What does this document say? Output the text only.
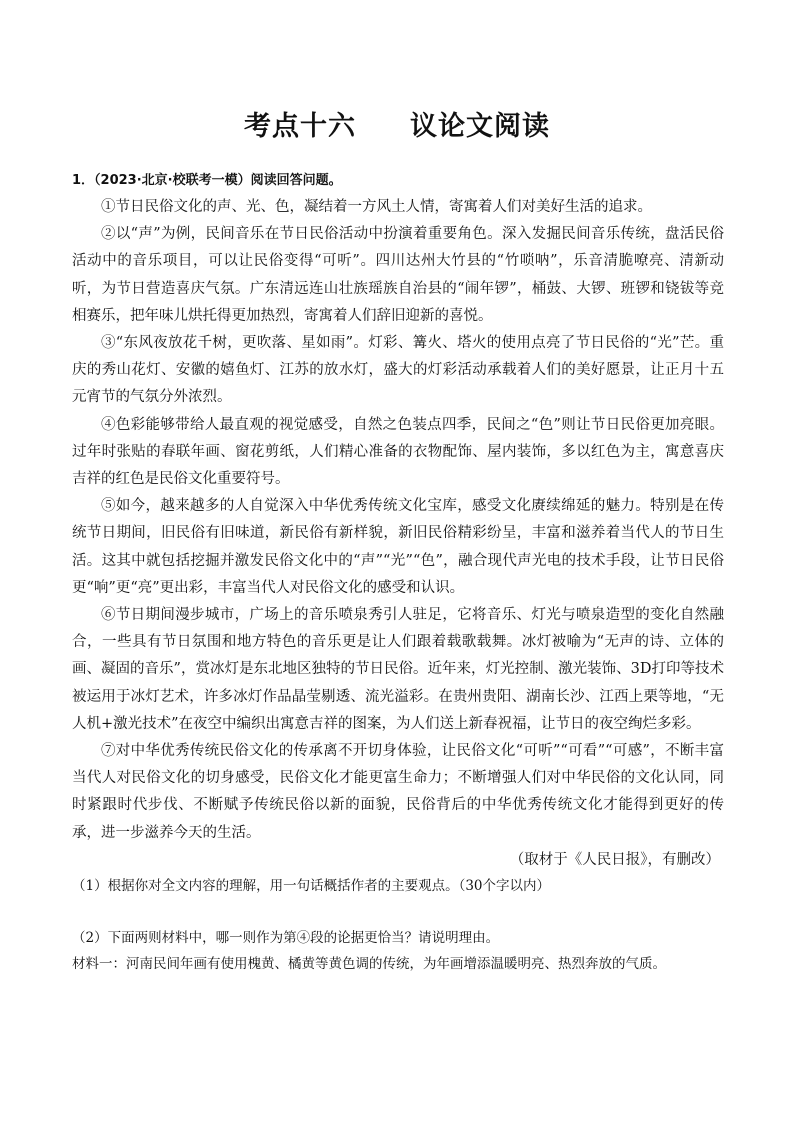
考点十六 议论文阅读

1．（2023·北京·校联考一模）阅读回答问题。

①节日民俗文化的声、光、色，凝结着一方风土人情，寄寓着人们对美好生活的追求。

②以“声”为例，民间音乐在节日民俗活动中扮演着重要角色。深入发掘民间音乐传统，盘活民俗活动中的音乐项目，可以让民俗变得“可听”。四川达州大竹县的“竹唢呐”，乐音清脆嘹亮、清新动听，为节日营造喜庆气氛。广东清远连山壮族瑶族自治县的“闹年锣”，桶鼓、大锣、班锣和铙钹等竞相赛乐，把年味儿烘托得更加热烈，寄寓着人们辞旧迎新的喜悦。

③“东风夜放花千树，更吹落、星如雨”。灯彩、篝火、塔火的使用点亮了节日民俗的“光”芒。重庆的秀山花灯、安徽的嬉鱼灯、江苏的放水灯，盛大的灯彩活动承载着人们的美好愿景，让正月十五元宵节的气氛分外浓烈。

④色彩能够带给人最直观的视觉感受，自然之色装点四季，民间之“色”则让节日民俗更加亮眼。过年时张贴的春联年画、窗花剪纸，人们精心准备的衣物配饰、屋内装饰，多以红色为主，寓意喜庆吉祥的红色是民俗文化重要符号。

⑤如今，越来越多的人自觉深入中华优秀传统文化宝库，感受文化赓续绵延的魅力。特别是在传统节日期间，旧民俗有旧味道，新民俗有新样貌，新旧民俗精彩纷呈，丰富和滋养着当代人的节日生活。这其中就包括挖掘并激发民俗文化中的“声”“光”“色”，融合现代声光电的技术手段，让节日民俗更“响”更“亮”更出彩，丰富当代人对民俗文化的感受和认识。

⑥节日期间漫步城市，广场上的音乐喷泉秀引人驻足，它将音乐、灯光与喷泉造型的变化自然融合，一些具有节日氛围和地方特色的音乐更是让人们跟着载歌载舞。冰灯被喻为“无声的诗、立体的画、凝固的音乐”，赏冰灯是东北地区独特的节日民俗。近年来，灯光控制、激光装饰、3D打印等技术被运用于冰灯艺术，许多冰灯作品晶莹剔透、流光溢彩。在贵州贵阳、湖南长沙、江西上栗等地，“无人机+激光技术”在夜空中编织出寓意吉祥的图案，为人们送上新春祝福，让节日的夜空绚烂多彩。

⑦对中华优秀传统民俗文化的传承离不开切身体验，让民俗文化“可听”“可看”“可感”，不断丰富当代人对民俗文化的切身感受，民俗文化才能更富生命力；不断增强人们对中华民俗的文化认同，同时紧跟时代步伐、不断赋予传统民俗以新的面貌，民俗背后的中华优秀传统文化才能得到更好的传承，进一步滋养今天的生活。

（取材于《人民日报》，有删改）

（1）根据你对全文内容的理解，用一句话概括作者的主要观点。（30个字以内）

（2）下面两则材料中，哪一则作为第④段的论据更恰当？请说明理由。

材料一：河南民间年画有使用槐黄、橘黄等黄色调的传统，为年画增添温暖明亮、热烈奔放的气质。
